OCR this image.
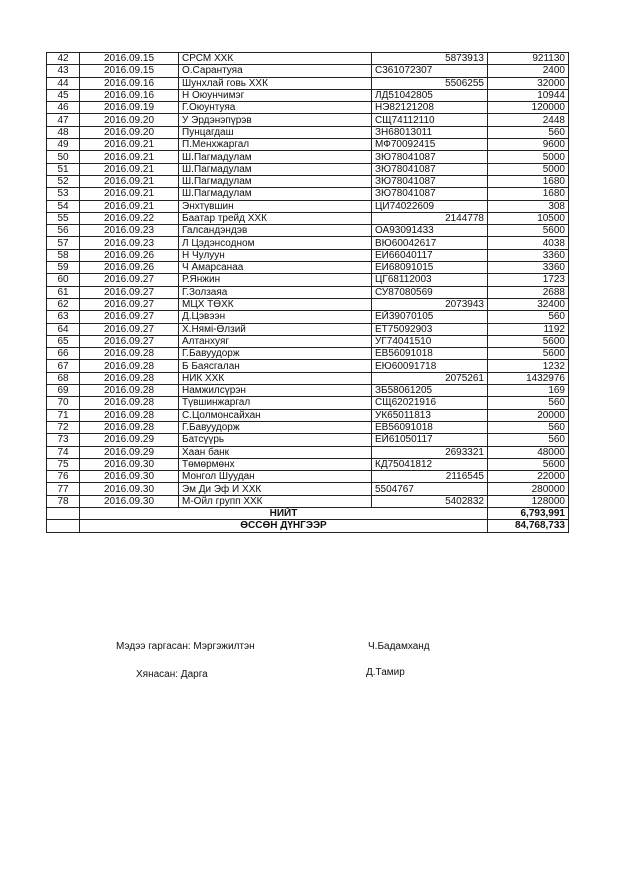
42	2016.09.15	СРСМ ХХК	5873913	921130
43	2016.09.15	О.Сарантуяа	С361072307	2400
44	2016.09.16	Шунхлай говь ХХК	5506255	32000
45	2016.09.16	Н Оюунчимэг	ЛД51042805	10944
46	2016.09.19	Г.Оюунтуяа	НЭ82121208	120000
47	2016.09.20	У Эрдэнэпүрэв	СЩ74112110	2448
48	2016.09.20	Пунцагдаш	ЗН68013011	560
49	2016.09.21	П.Менхжаргал	МФ70092415	9600
50	2016.09.21	Ш.Пагмадулам	ЗЮ78041087	5000
51	2016.09.21	Ш.Пагмадулам	ЗЮ78041087	5000
52	2016.09.21	Ш.Пагмадулам	ЗЮ78041087	1680
53	2016.09.21	Ш.Пагмадулам	ЗЮ78041087	1680
54	2016.09.21	Энхтүвшин	ЦИ74022609	308
55	2016.09.22	Баатар трейд ХХК	2144778	10500
56	2016.09.23	Галсандэндэв	ОА93091433	5600
57	2016.09.23	Л Цэдэнсодном	ВЮ60042617	4038
58	2016.09.26	Н Чулуун	ЕИ66040117	3360
59	2016.09.26	Ч Амарсанаа	ЕИ68091015	3360
60	2016.09.27	Р.Янжин	ЦГ68112003	1723
61	2016.09.27	Г.Золзаяа	СУ87080569	2688
62	2016.09.27	МЦХ ТӨХК	2073943	32400
63	2016.09.27	Д.Цэвээн	ЕЙ39070105	560
64	2016.09.27	Х.Нямі-Өлзий	ЕТ75092903	1192
65	2016.09.27	Алтанхуяг	УГ74041510	5600
66	2016.09.28	Г.Бавуудорж	ЕВ56091018	5600
67	2016.09.28	Б Баясгалан	ЕЮ60091718	1232
68	2016.09.28	НИК ХХК	2075261	1432976
69	2016.09.28	Намжилсүрэн	ЗБ58061205	169
70	2016.09.28	Түвшинжаргал	СЩ62021916	560
71	2016.09.28	С.Цолмонсайхан	УК65011813	20000
72	2016.09.28	Г.Бавуудорж	ЕВ56091018	560
73	2016.09.29	Батсүүрь	ЕЙ61050117	560
74	2016.09.29	Хаан банк	2693321	48000
75	2016.09.30	Төмөрмөнх	КД75041812	5600
76	2016.09.30	Монгол Шуудан	2116545	22000
77	2016.09.30	Эм Ди Эф И ХХК	5504767	280000
78	2016.09.30	М-Ойл групп ХХК	5402832	128000
	НИЙТ			6,793,991
	ӨССӨН ДҮНГЭЭР			84,768,733
Мэдээ гаргасан: Мэргэжилтэн	Ч.Бадамханд
Хянасан: Дарга	Д.Тамир
